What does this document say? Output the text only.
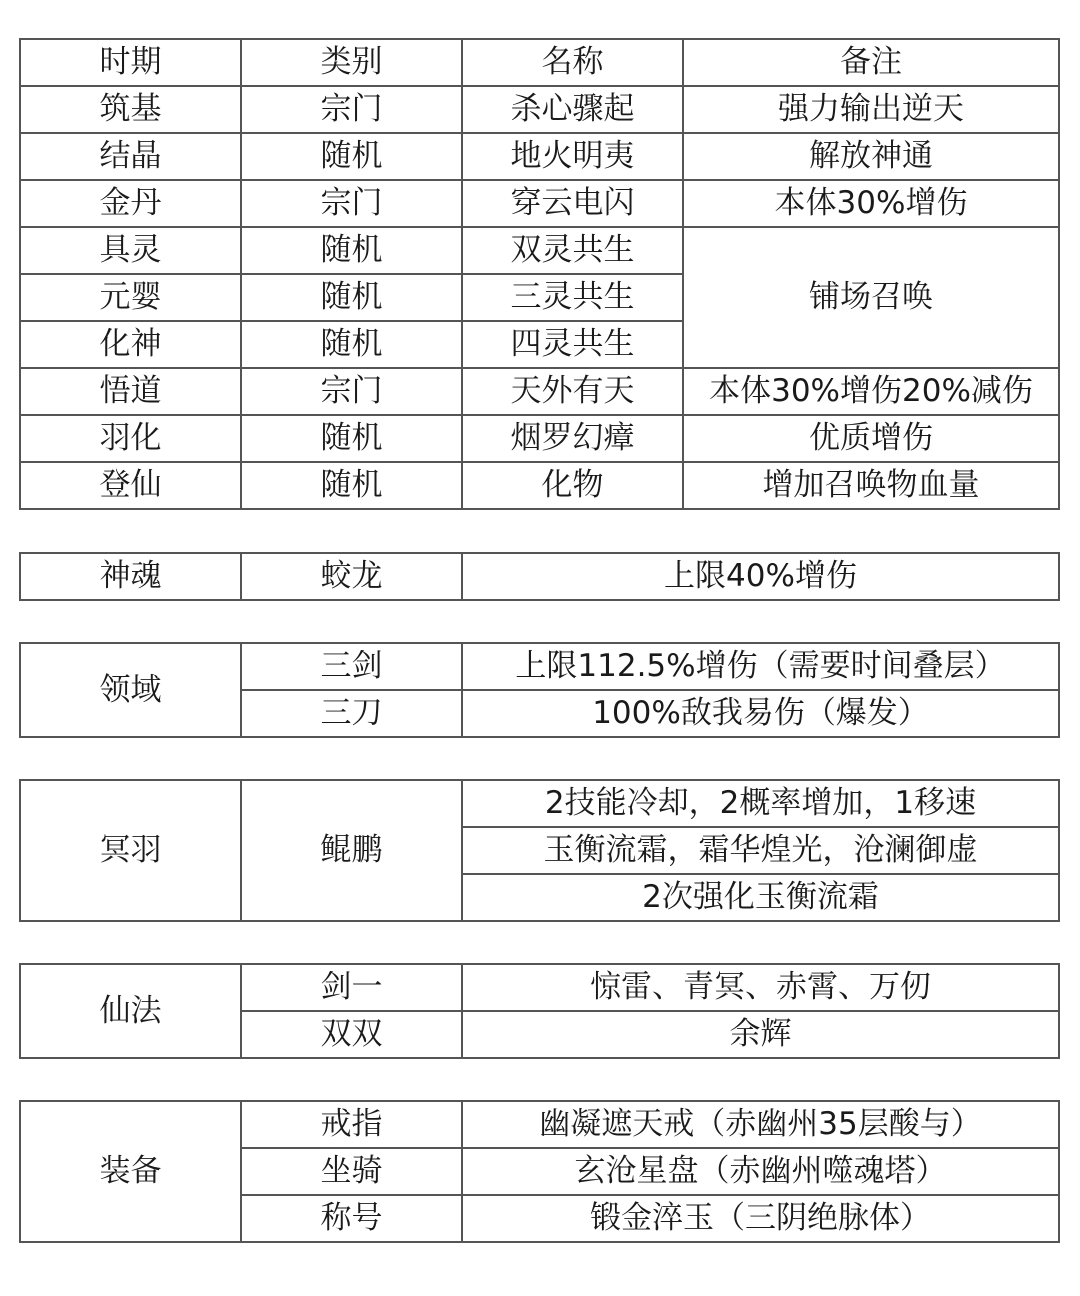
时期	类别	名称	备注
筑基	宗门	杀心骤起	强力输出逆天
结晶	随机	地火明夷	解放神通
金丹	宗门	穿云电闪	本体30%增伤
具灵	随机	双灵共生	铺场召唤
元婴	随机	三灵共生	
化神	随机	四灵共生	
悟道	宗门	天外有天	本体30%增伤20%减伤
羽化	随机	烟罗幻瘴	优质增伤
登仙	随机	化物	增加召唤物血量
神魂	蛟龙	上限40%增伤
领域	三剑	上限112.5%增伤（需要时间叠层）
	三刀	100%敌我易伤（爆发）
冥羽	鲲鹏	2技能冷却，2概率增加，1移速
玉衡流霜，霜华煌光，沧澜御虚
2次强化玉衡流霜
仙法	剑一	惊雷、青冥、赤霄、万仞
	双双	余辉
装备	戒指	幽凝遮天戒（赤幽州35层酸与）
	坐骑	玄沧星盘（赤幽州噬魂塔）
	称号	锻金淬玉（三阴绝脉体）
